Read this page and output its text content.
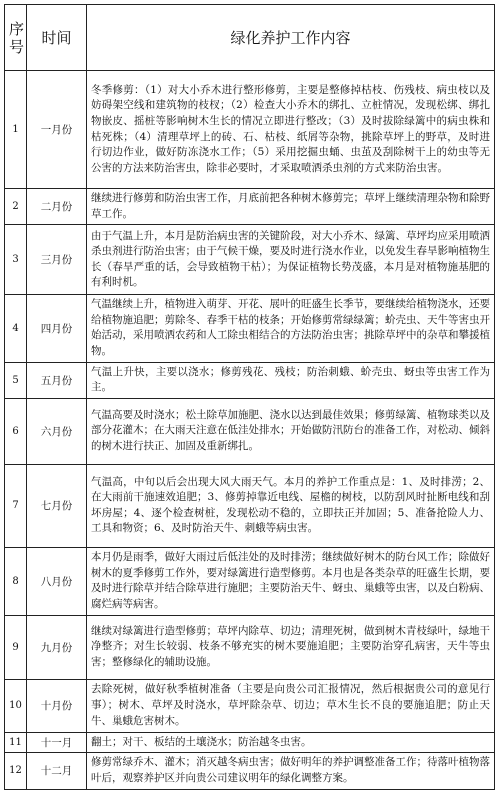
序号	时间	绿化养护工作内容
1	一月份	冬季修剪：（1）对大小乔木进行整形修剪，主要是整修掉枯枝、伤残枝、病虫枝以及妨碍架空线和建筑物的枝杈；（2）检查大小乔木的绑扎、立桩情况，发现松绑、绑扎物嵌皮、摇桩等影响树木生长的情况立即进行整改；（3）及时拔除绿篱中的病虫株和枯死株；（4）清理草坪上的砖、石、枯枝、纸屑等杂物，挑除草坪上的野草，及时进行切边作业，做好防冻浇水工作；（5）采用挖掘虫蛹、虫茧及刮除树干上的幼虫等无公害的方法来防治害虫，除非必要时，才采取喷洒杀虫剂的方式来防治虫害。
2	二月份	继续进行修剪和防治虫害工作，月底前把各种树木修剪完；草坪上继续清理杂物和除野草工作。
3	三月份	由于气温上升，本月是防治病虫害的关键阶段，对大小乔木、绿篱、草坪均应采用喷洒杀虫剂进行防治虫害；由于气候干燥，要及时进行浇水作业，以免发生春旱影响植物生长（春旱严重的话，会导致植物干枯）；为保证植物长势茂盛，本月是对植物施基肥的有利时机。
4	四月份	气温继续上升，植物进入萌芽、开花、展叶的旺盛生长季节，要继续给植物浇水，还要给植物施追肥；剪除冬、春季干枯的枝条；开始修剪常绿绿篱；蚧壳虫、天牛等害虫开始活动，采用喷洒农药和人工除虫相结合的方法防治虫害；挑除草坪中的杂草和攀援植物。
5	五月份	气温上升快，主要以浇水；修剪残花、残枝；防治刺蛾、蚧壳虫、蚜虫等虫害工作为主。
6	六月份	气温高要及时浇水；松土除草加施肥、浇水以达到最佳效果；修剪绿篱、植物球类以及部分花灌木；在大雨天注意在低洼处排水；开始做防汛防台的准备工作，对松动、倾斜的树木进行扶正、加固及重新绑扎。
7	七月份	气温高，中旬以后会出现大风大雨天气。本月的养护工作重点是：1、及时排涝；2、在大雨前干施速效追肥；3、修剪掉靠近电线、屋檐的树枝，以防刮风时扯断电线和刮坏房屋；4、逐个检查树桩，发现松动不稳的，立即扶正并加固；5、准备抢险人力、工具和物资；6、及时防治天牛、刺蛾等病虫害。
8	八月份	本月仍是雨季，做好大雨过后低洼处的及时排涝；继续做好树木的防台风工作；除做好树木的夏季修剪工作外，要对绿篱进行造型修剪。本月也是各类杂草的旺盛生长期，要及时进行除草并结合除草进行施肥；主要防治天牛、蚜虫、巢蛾等虫害，以及白粉病、腐烂病等病害。
9	九月份	继续对绿篱进行造型修剪；草坪内除草、切边；清理死树，做到树木青枝绿叶，绿地干净整齐；对生长较弱、枝条不够充实的树木要施追肥；主要防治穿孔病害，天牛等虫害；整修绿化的辅助设施。
10	十月份	去除死树，做好秋季植树准备（主要是向贵公司汇报情况，然后根据贵公司的意见行事）；树木、草坪及时浇水，草坪除杂草、切边；草木生长不良的要施追肥；防止天牛、巢蛾危害树木。
11	十一月	翻土；对干、板结的土壤浇水；防治越冬虫害。
12	十二月	修剪常绿乔木、灌木；消灭越冬病虫害；做好明年的养护调整准备工作；待落叶植物落叶后，观察养护区并向贵公司建议明年的绿化调整方案。
